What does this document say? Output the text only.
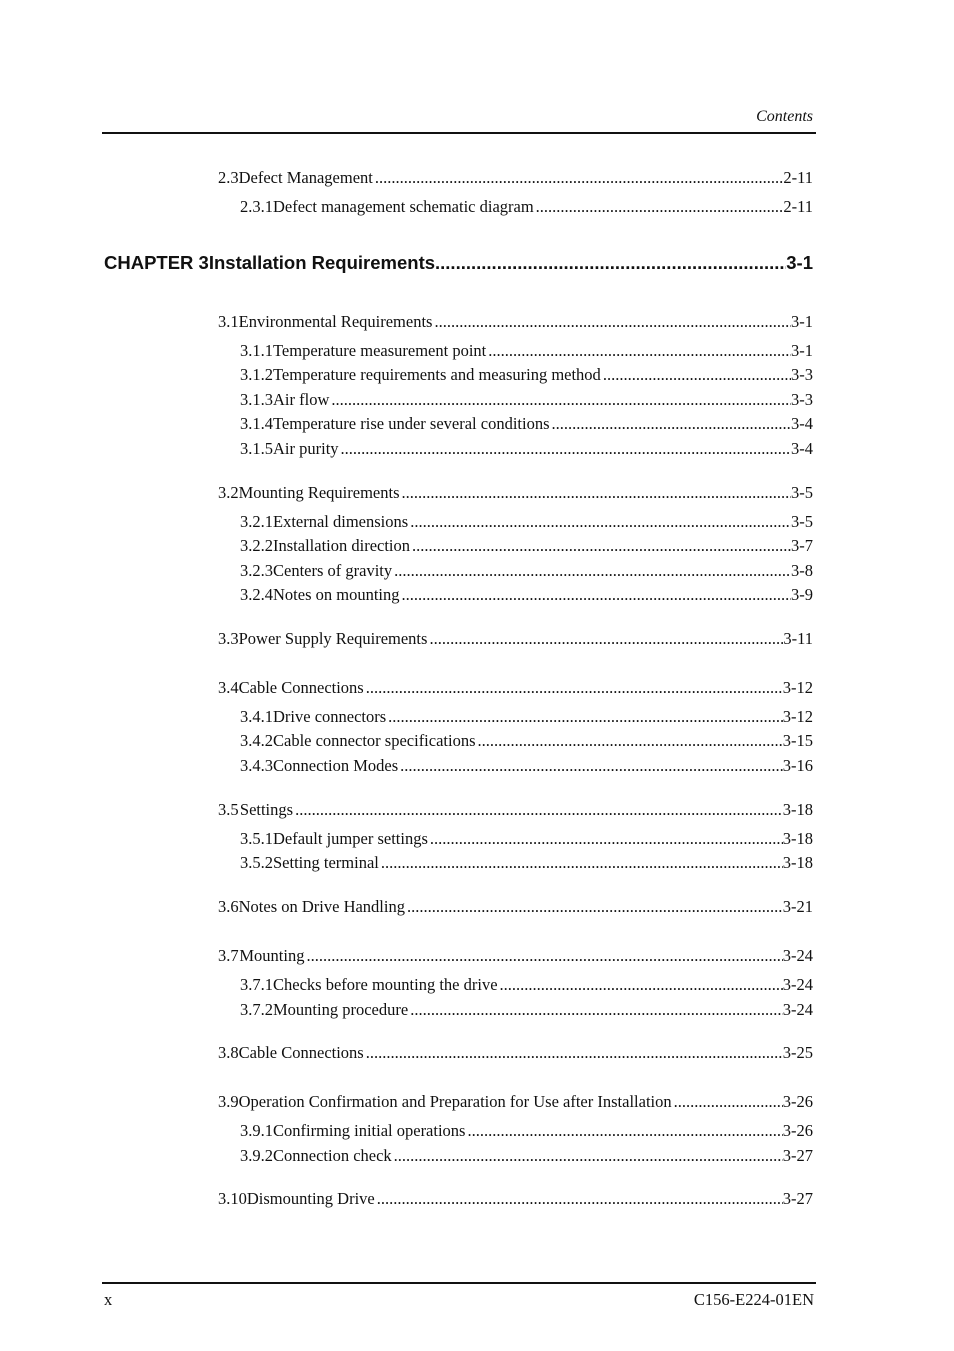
Contents
2.3 Defect Management .....	2-11
2.3.1 Defect management schematic diagram .....	2-11
CHAPTER 3 Installation Requirements .....	3-1
3.1 Environmental Requirements .....	3-1
3.1.1 Temperature measurement point .....	3-1
3.1.2 Temperature requirements and measuring method .....	3-3
3.1.3 Air flow .....	3-3
3.1.4 Temperature rise under several conditions .....	3-4
3.1.5 Air purity .....	3-4
3.2 Mounting Requirements .....	3-5
3.2.1 External dimensions .....	3-5
3.2.2 Installation direction .....	3-7
3.2.3 Centers of gravity .....	3-8
3.2.4 Notes on mounting .....	3-9
3.3 Power Supply Requirements .....	3-11
3.4 Cable Connections .....	3-12
3.4.1 Drive connectors .....	3-12
3.4.2 Cable connector specifications .....	3-15
3.4.3 Connection Modes .....	3-16
3.5 Settings .....	3-18
3.5.1 Default jumper settings .....	3-18
3.5.2 Setting terminal .....	3-18
3.6 Notes on Drive Handling .....	3-21
3.7 Mounting .....	3-24
3.7.1 Checks before mounting the drive .....	3-24
3.7.2 Mounting procedure .....	3-24
3.8 Cable Connections .....	3-25
3.9 Operation Confirmation and Preparation for Use after Installation .....	3-26
3.9.1 Confirming initial operations .....	3-26
3.9.2 Connection check .....	3-27
3.10 Dismounting Drive .....	3-27
x	C156-E224-01EN
